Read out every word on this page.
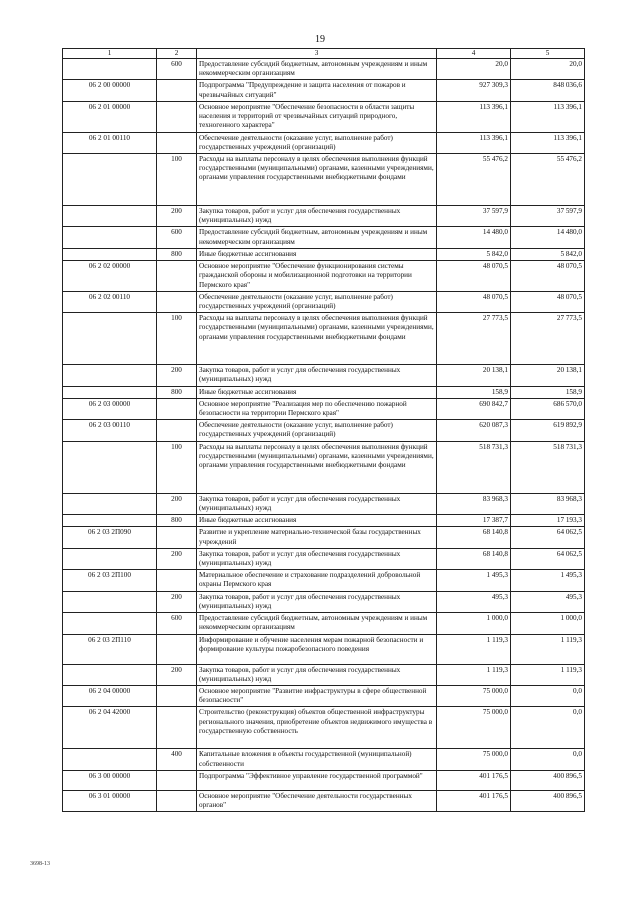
19
1	2	3	4	5
	600	Предоставление субсидий бюджетным, автономным учреждениям и иным некоммерческим организациям	20,0	20,0
06 2 00 00000		Подпрограмма "Предупреждение и защита населения от пожаров и чрезвычайных ситуаций"	927 309,3	848 036,6
06 2 01 00000		Основное мероприятие "Обеспечение безопасности в области защиты населения и территорий от чрезвычайных ситуаций природного, техногенного характера"	113 396,1	113 396,1
06 2 01 00110		Обеспечение деятельности (оказание услуг, выполнение работ) государственных учреждений (организаций)	113 396,1	113 396,1
	100	Расходы на выплаты персоналу в целях обеспечения выполнения функций государственными (муниципальными) органами, казенными учреждениями, органами управления государственными внебюджетными фондами	55 476,2	55 476,2
	200	Закупка товаров, работ и услуг для обеспечения государственных (муниципальных) нужд	37 597,9	37 597,9
	600	Предоставление субсидий бюджетным, автономным учреждениям и иным некоммерческим организациям	14 480,0	14 480,0
	800	Иные бюджетные ассигнования	5 842,0	5 842,0
06 2 02 00000		Основное мероприятие "Обеспечение функционирования системы гражданской обороны и мобилизационной подготовки на территории Пермского края"	48 070,5	48 070,5
06 2 02 00110		Обеспечение деятельности (оказание услуг, выполнение работ) государственных учреждений (организаций)	48 070,5	48 070,5
	100	Расходы на выплаты персоналу в целях обеспечения выполнения функций государственными (муниципальными) органами, казенными учреждениями, органами управления государственными внебюджетными фондами	27 773,5	27 773,5
	200	Закупка товаров, работ и услуг для обеспечения государственных (муниципальных) нужд	20 138,1	20 138,1
	800	Иные бюджетные ассигнования	158,9	158,9
06 2 03 00000		Основное мероприятие "Реализация мер по обеспечению пожарной безопасности на территории Пермского края"	690 842,7	686 570,0
06 2 03 00110		Обеспечение деятельности (оказание услуг, выполнение работ) государственных учреждений (организаций)	620 087,3	619 892,9
	100	Расходы на выплаты персоналу в целях обеспечения выполнения функций государственными (муниципальными) органами, казенными учреждениями, органами управления государственными внебюджетными фондами	518 731,3	518 731,3
	200	Закупка товаров, работ и услуг для обеспечения государственных (муниципальных) нужд	83 968,3	83 968,3
	800	Иные бюджетные ассигнования	17 387,7	17 193,3
06 2 03 2П090		Развитие и укрепление материально-технической базы государственных учреждений	68 140,8	64 062,5
	200	Закупка товаров, работ и услуг для обеспечения государственных (муниципальных) нужд	68 140,8	64 062,5
06 2 03 2П100		Материальное обеспечение и страхование подразделений добровольной охраны Пермского края	1 495,3	1 495,3
	200	Закупка товаров, работ и услуг для обеспечения государственных (муниципальных) нужд	495,3	495,3
	600	Предоставление субсидий бюджетным, автономным учреждениям и иным некоммерческим организациям	1 000,0	1 000,0
06 2 03 2П110		Информирование и обучение населения мерам пожарной безопасности и формирование культуры пожаробезопасного поведения	1 119,3	1 119,3
	200	Закупка товаров, работ и услуг для обеспечения государственных (муниципальных) нужд	1 119,3	1 119,3
06 2 04 00000		Основное мероприятие "Развитие инфраструктуры в сфере общественной безопасности"	75 000,0	0,0
06 2 04 42000		Строительство (реконструкция) объектов общественной инфраструктуры регионального значения, приобретение объектов недвижимого имущества в государственную собственность	75 000,0	0,0
	400	Капитальные вложения в объекты государственной (муниципальной) собственности	75 000,0	0,0
06 3 00 00000		Подпрограмма "Эффективное управление государственной программой"	401 176,5	400 896,5
06 3 01 00000		Основное мероприятие "Обеспечение деятельности государственных органов"	401 176,5	400 896,5
3698-13
